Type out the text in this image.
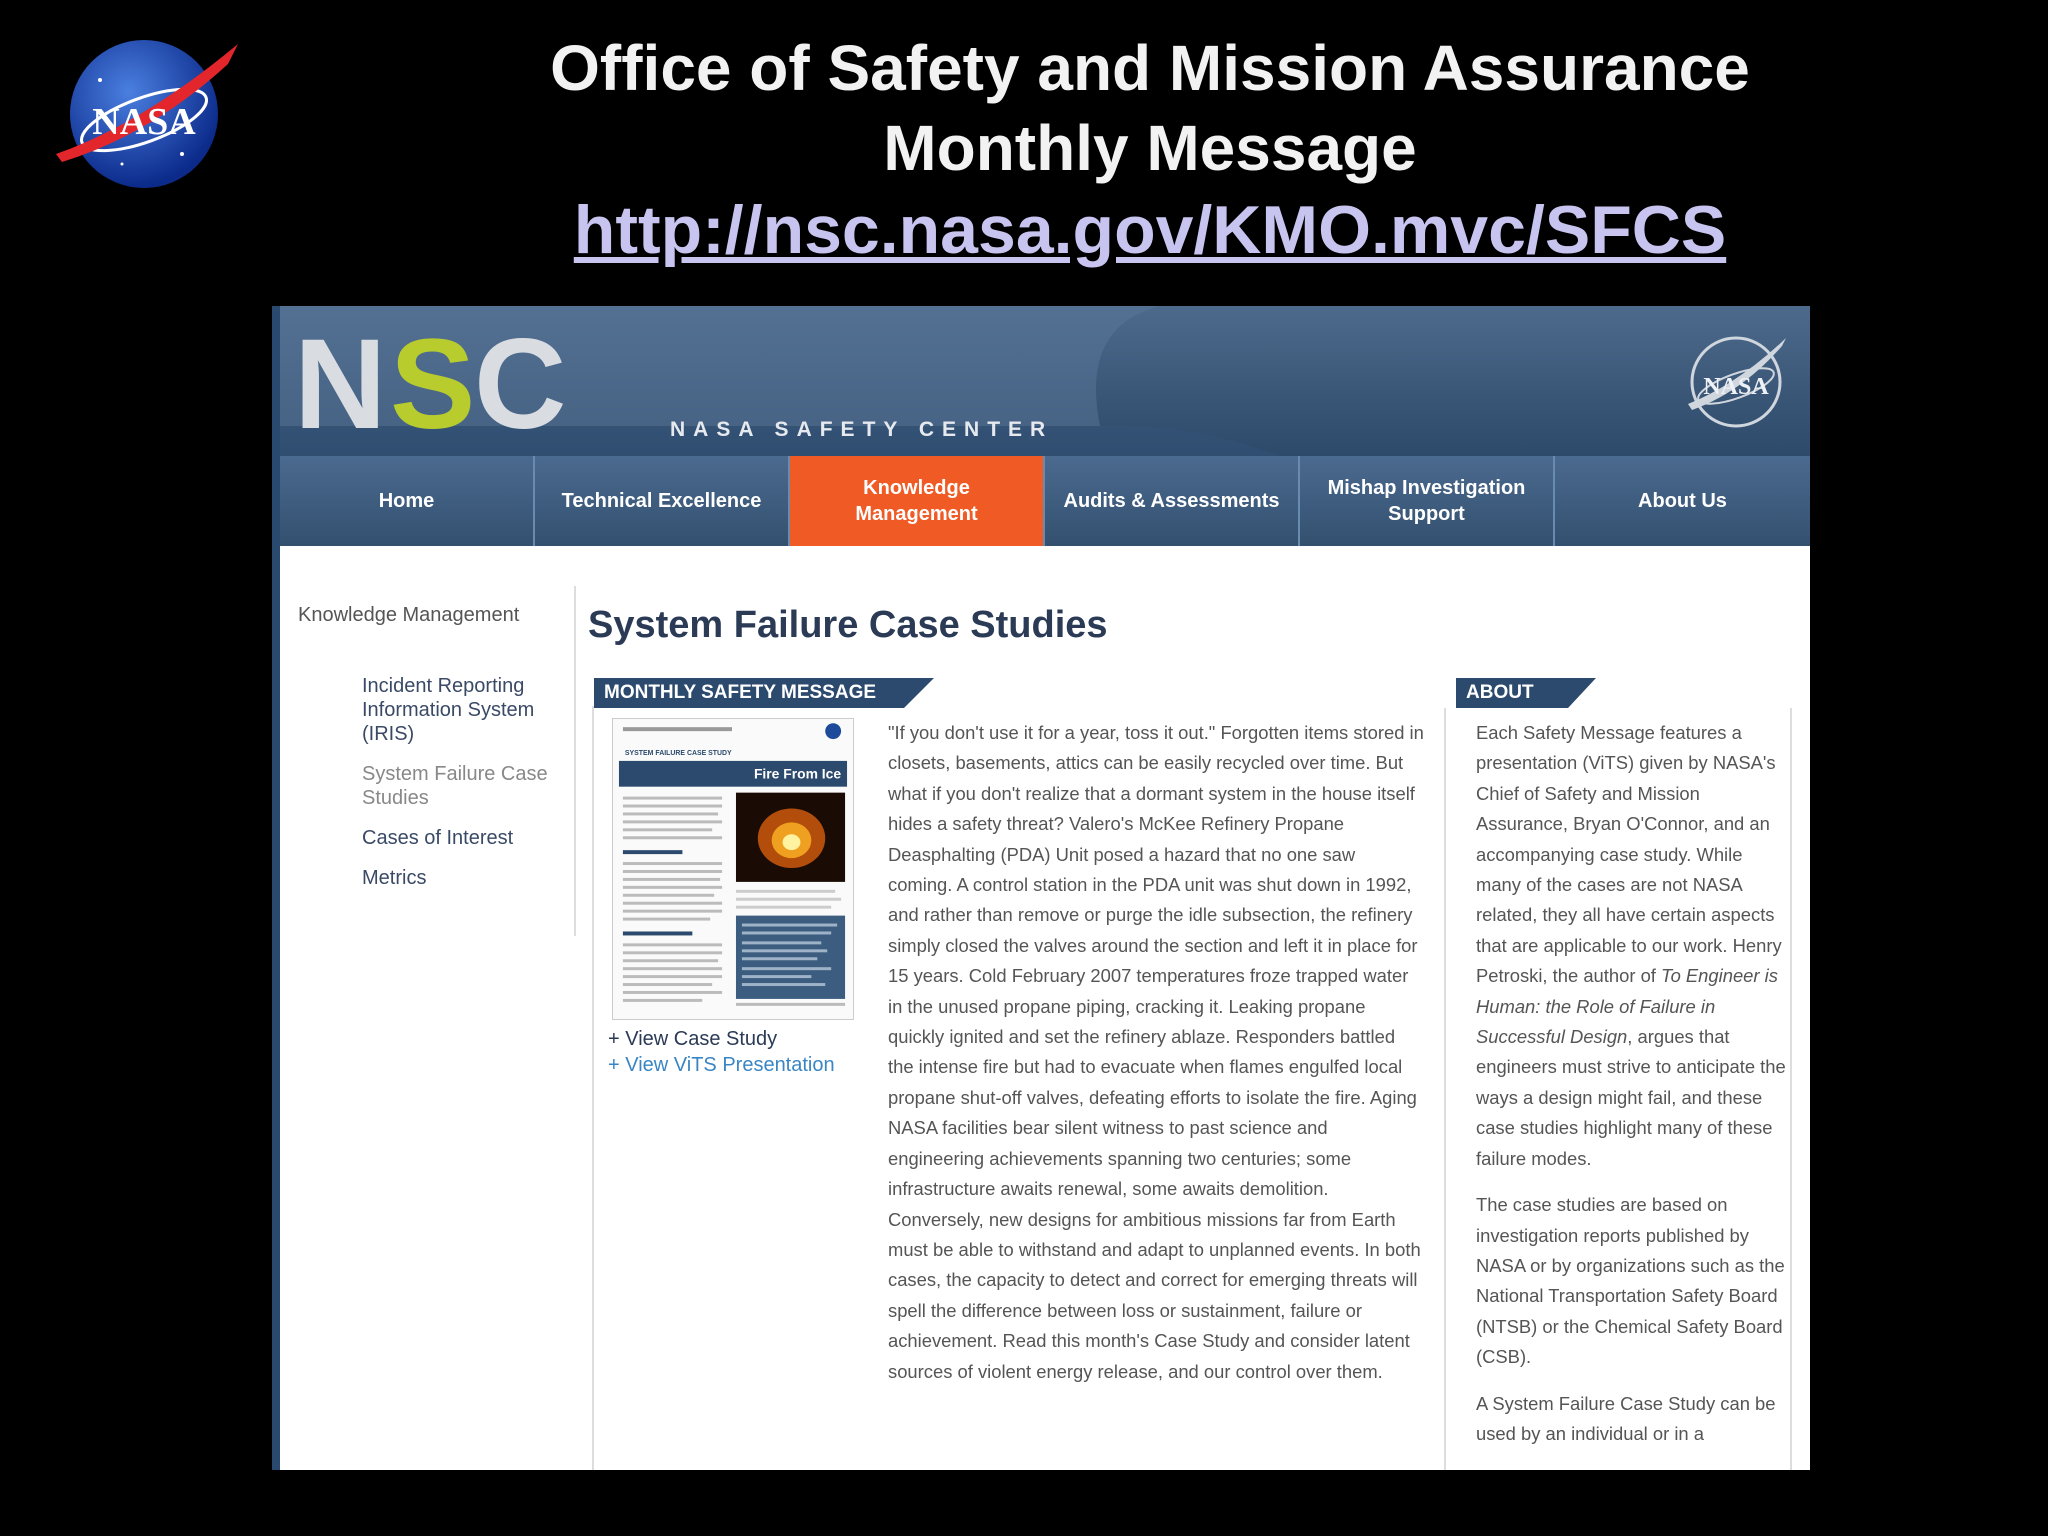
NASA
Office of Safety and Mission Assurance
Monthly Message
http://nsc.nasa.gov/KMO.mvc/SFCS
N S C	NASA SAFETY CENTER
NASA
Home	Technical Excellence
Knowledge Management
Audits & Assessments
Mishap Investigation Support
About Us
Knowledge Management
Incident Reporting Information System (IRIS)
System Failure Case Studies
Cases of Interest
Metrics
System Failure Case Studies
MONTHLY SAFETY MESSAGE	ABOUT
SYSTEM FAILURE CASE STUDY
Fire From Ice
+ View Case Study
+ View ViTS Presentation
"If you don't use it for a year, toss it out." Forgotten items stored in closets, basements, attics can be easily recycled over time. But what if you don't realize that a dormant system in the house itself hides a safety threat? Valero's McKee Refinery Propane Deasphalting (PDA) Unit posed a hazard that no one saw coming. A control station in the PDA unit was shut down in 1992, and rather than remove or purge the idle subsection, the refinery simply closed the valves around the section and left it in place for 15 years. Cold February 2007 temperatures froze trapped water in the unused propane piping, cracking it. Leaking propane quickly ignited and set the refinery ablaze. Responders battled the intense fire but had to evacuate when flames engulfed local propane shut-off valves, defeating efforts to isolate the fire. Aging NASA facilities bear silent witness to past science and engineering achievements spanning two centuries; some infrastructure awaits renewal, some awaits demolition. Conversely, new designs for ambitious missions far from Earth must be able to withstand and adapt to unplanned events. In both cases, the capacity to detect and correct for emerging threats will spell the difference between loss or sustainment, failure or achievement. Read this month's Case Study and consider latent sources of violent energy release, and our control over them.

Each Safety Message features a presentation (ViTS) given by NASA's Chief of Safety and Mission Assurance, Bryan O'Connor, and an accompanying case study. While many of the cases are not NASA related, they all have certain aspects that are applicable to our work. Henry Petroski, the author of To Engineer is Human: the Role of Failure in Successful Design, argues that engineers must strive to anticipate the ways a design might fail, and these case studies highlight many of these failure modes.

The case studies are based on investigation reports published by NASA or by organizations such as the National Transportation Safety Board (NTSB) or the Chemical Safety Board (CSB).

A System Failure Case Study can be used by an individual or in a
